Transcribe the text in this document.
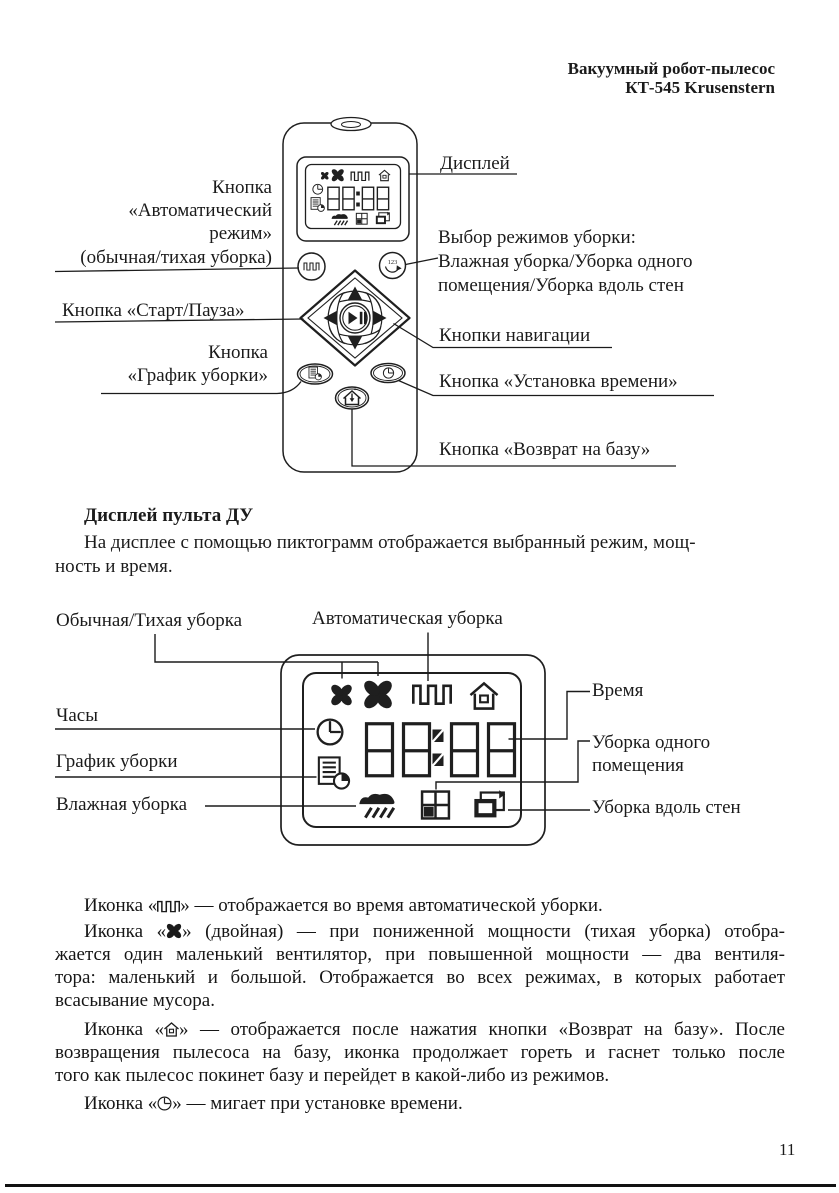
123
Вакуумный робот-пылесос
КТ-545 Krusenstern
Кнопка
«Автоматический
режим»
(обычная/тихая уборка)
Кнопка «Старт/Пауза»
Кнопка
«График уборки»
Дисплей
Выбор режимов уборки:
Влажная уборка/Уборка одного
помещения/Уборка вдоль стен
Кнопки навигации
Кнопка «Установка времени»
Кнопка «Возврат на базу»
Дисплей пульта ДУ
На дисплее с помощью пиктограмм отображается выбранный режим, мощ-
ность и время.
Обычная/Тихая уборка	Автоматическая уборка
Часы
График уборки
Влажная уборка
Время
Уборка одного
помещения
Уборка вдоль стен
Иконка « » — отображается во время автоматической уборки.
Иконка « » (двойная) — при пониженной мощности (тихая уборка) отобра-
жается один маленький вентилятор, при повышенной мощности — два вентиля-
тора: маленький и большой. Отображается во всех режимах, в которых работает
всасывание мусора.
Иконка « » — отображается после нажатия кнопки «Возврат на базу». После
возвращения пылесоса на базу, иконка продолжает гореть и гаснет только после
того как пылесос покинет базу и перейдет в какой-либо из режимов.
Иконка « » — мигает при установке времени.
11
